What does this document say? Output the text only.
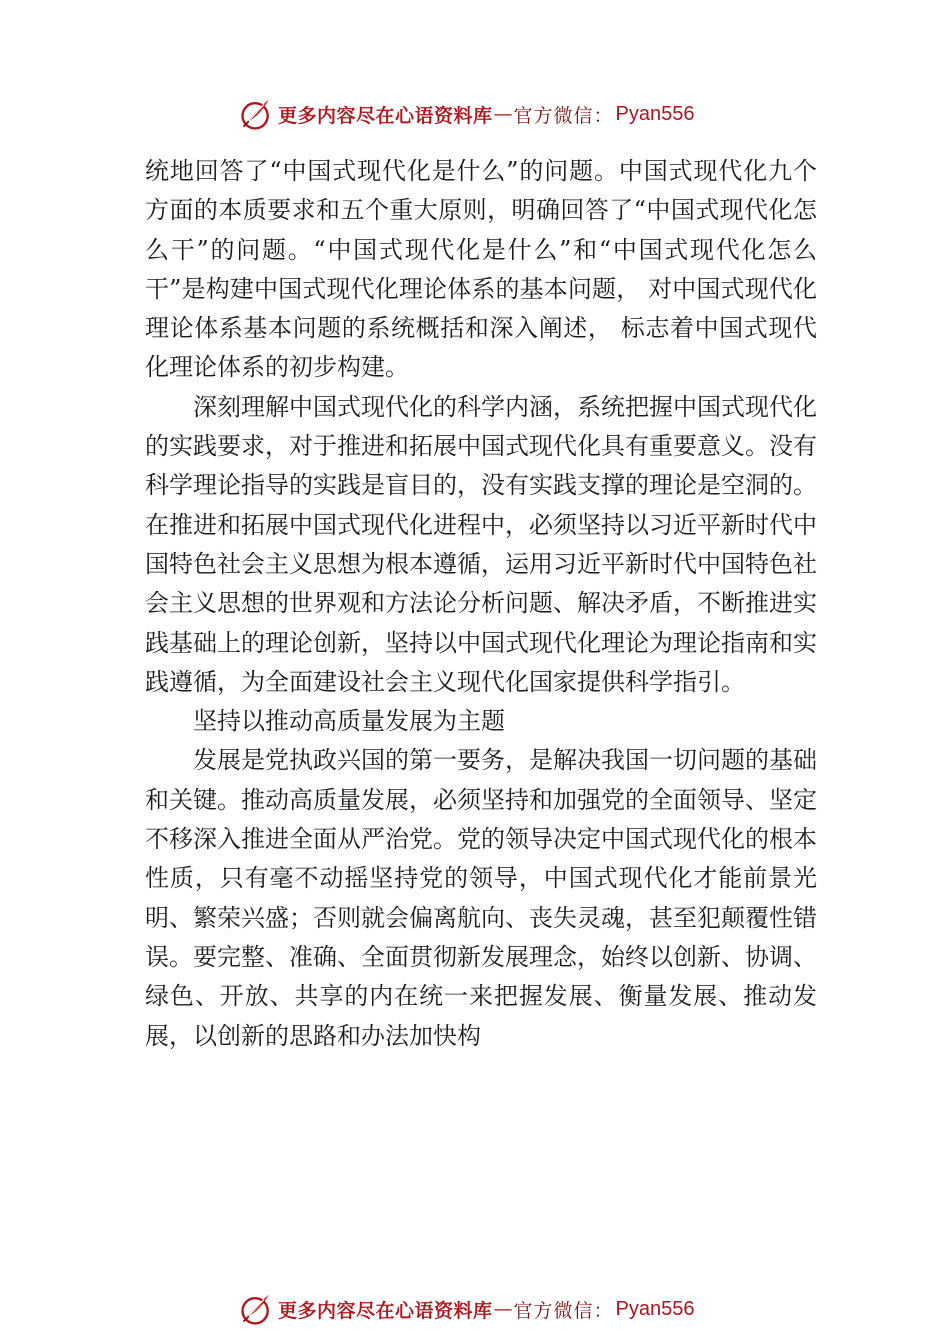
更多内容尽在心语资料库 — 官方微信： Pyan556

统地回答了“中国式现代化是什么”的问题。中国式现代化九个方面的本质要求和五个重大原则，明确回答了“中国式现代化怎么干”的问题。“中国式现代化是什么”和“中国式现代化怎么干”是构建中国式现代化理论体系的基本问题， 对中国式现代化理论体系基本问题的系统概括和深入阐述， 标志着中国式现代化理论体系的初步构建。

深刻理解中国式现代化的科学内涵，系统把握中国式现代化的实践要求，对于推进和拓展中国式现代化具有重要意义。没有科学理论指导的实践是盲目的，没有实践支撑的理论是空洞的。在推进和拓展中国式现代化进程中，必须坚持以习近平新时代中国特色社会主义思想为根本遵循，运用习近平新时代中国特色社会主义思想的世界观和方法论分析问题、解决矛盾，不断推进实践基础上的理论创新，坚持以中国式现代化理论为理论指南和实践遵循，为全面建设社会主义现代化国家提供科学指引。

坚持以推动高质量发展为主题

发展是党执政兴国的第一要务，是解决我国一切问题的基础和关键。推动高质量发展，必须坚持和加强党的全面领导、坚定不移深入推进全面从严治党。党的领导决定中国式现代化的根本性质，只有毫不动摇坚持党的领导，中国式现代化才能前景光明、繁荣兴盛；否则就会偏离航向、丧失灵魂，甚至犯颠覆性错误。要完整、准确、全面贯彻新发展理念，始终以创新、协调、绿色、开放、共享的内在统一来把握发展、衡量发展、推动发展，以创新的思路和办法加快构

更多内容尽在心语资料库 — 官方微信： Pyan556
